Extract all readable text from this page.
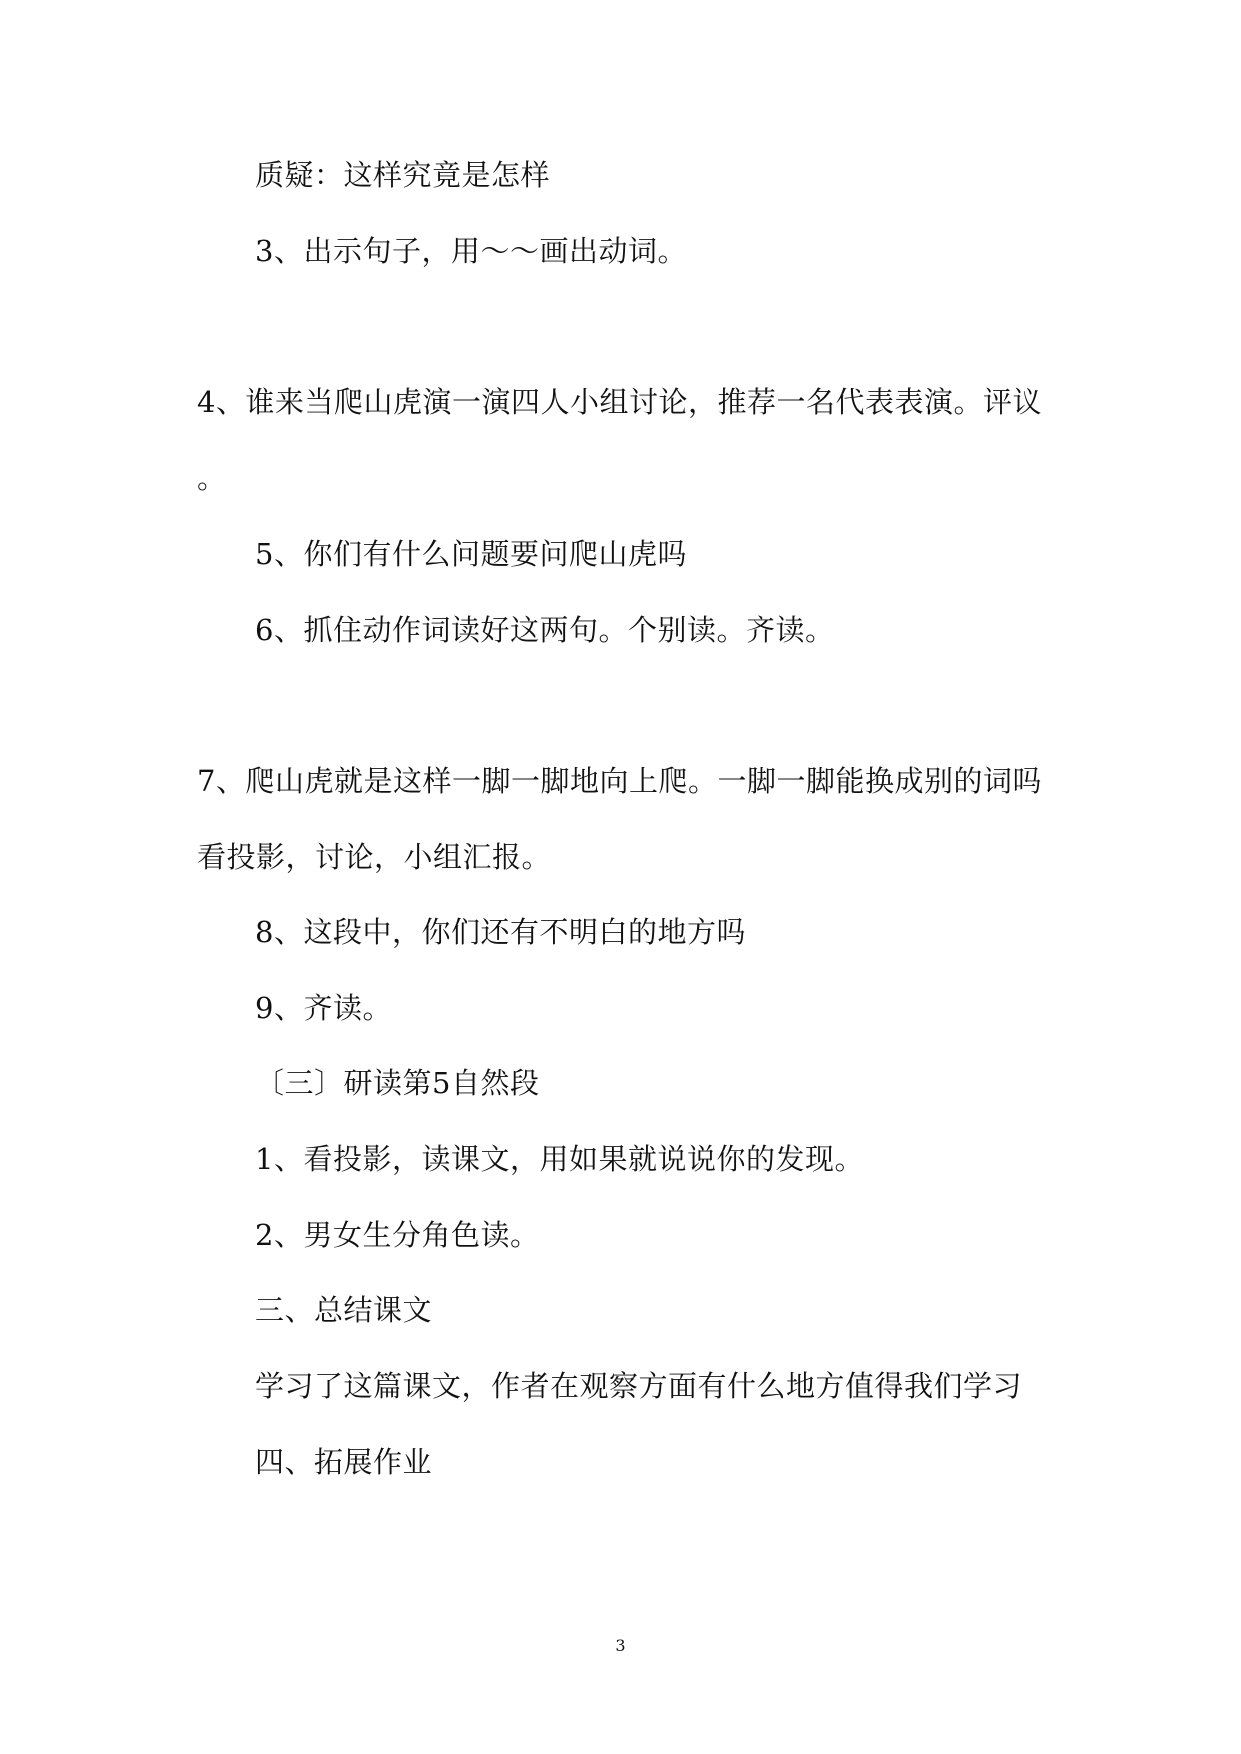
质疑：这样究竟是怎样
3、出示句子，用～～画出动词。
4、谁来当爬山虎演一演四人小组讨论，推荐一名代表表演。评议
。
5、你们有什么问题要问爬山虎吗
6、抓住动作词读好这两句。个别读。齐读。
7、爬山虎就是这样一脚一脚地向上爬。一脚一脚能换成别的词吗
看投影，讨论，小组汇报。
8、这段中，你们还有不明白的地方吗
9、齐读。
〔三〕研读第5自然段
1、看投影，读课文，用如果就说说你的发现。
2、男女生分角色读。
三、总结课文
学习了这篇课文，作者在观察方面有什么地方值得我们学习
四、拓展作业
3
